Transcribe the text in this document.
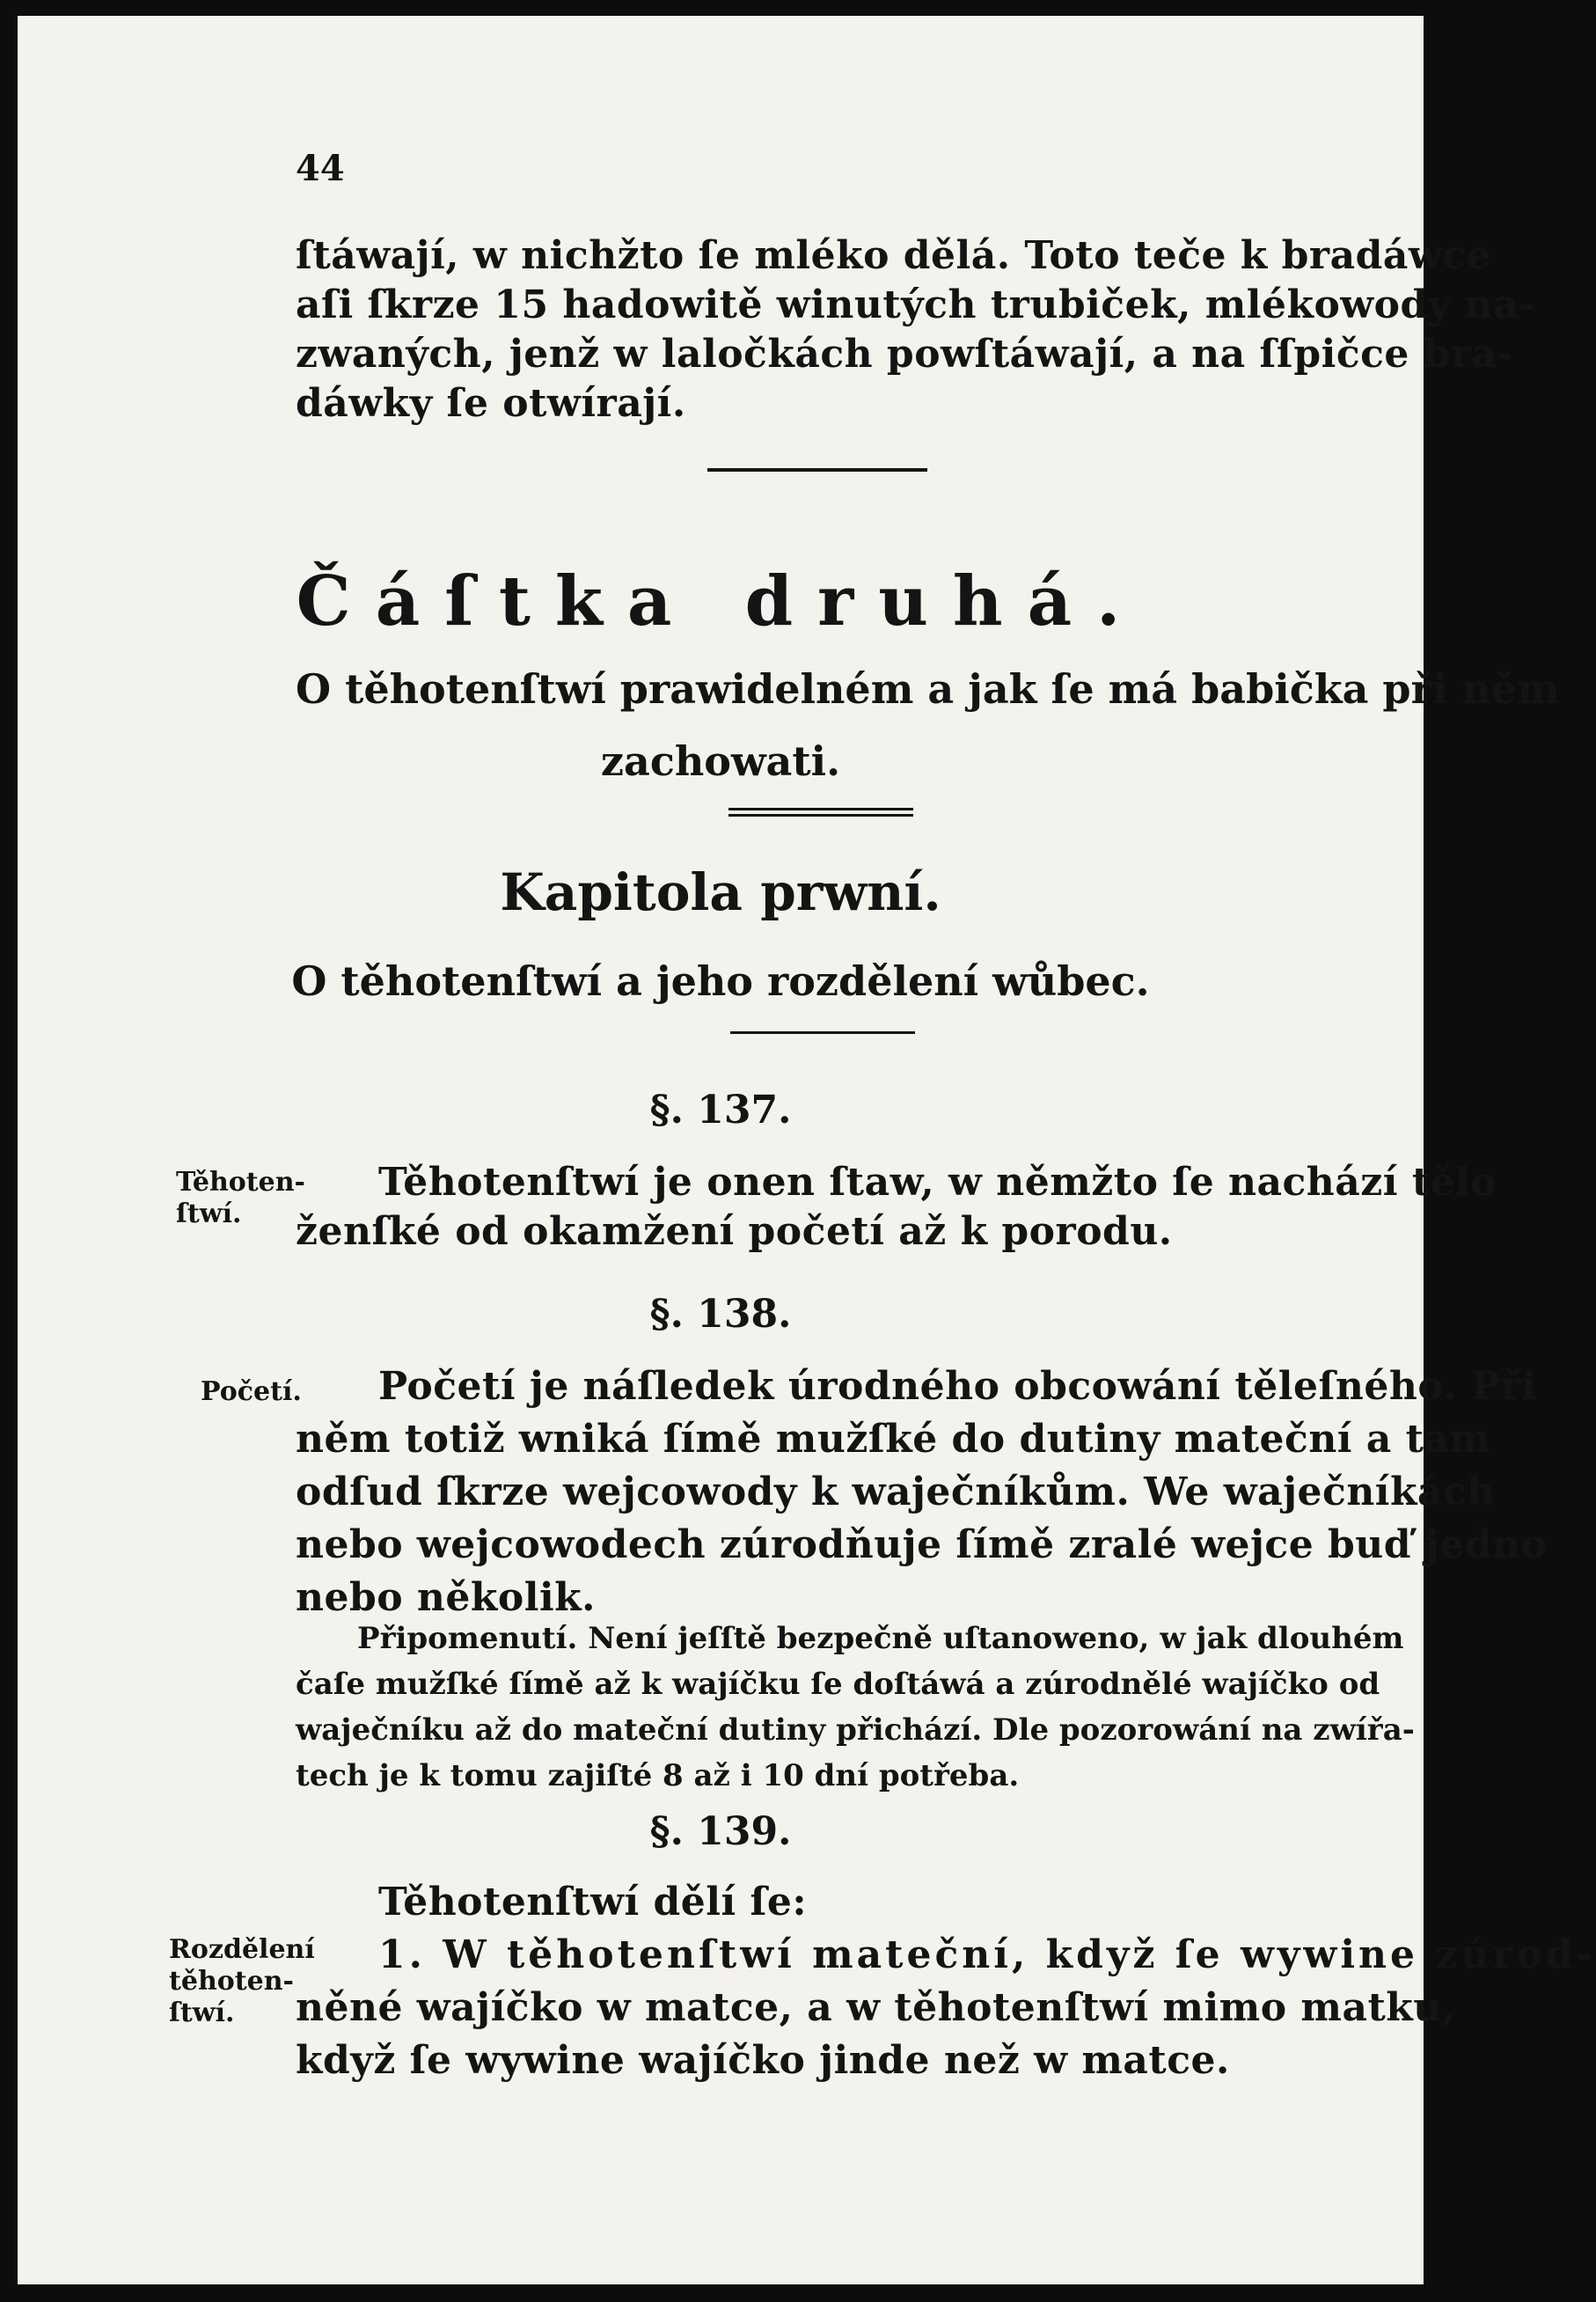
44
ſtáwají, w nichžto ſe mléko dělá. Toto teče k bradáwce
aſi ſkrze 15 hadowitě winutých trubiček, mlékowody na-
zwaných, jenž w laločkách powſtáwají, a na ſſpičce bra-
dáwky ſe otwírají.
Čáſtka druhá.
O těhotenſtwí prawidelném a jak ſe má babička při něm
zachowati.
Kapitola prwní.
O těhotenſtwí a jeho rozdělení wůbec.
§. 137.
Těhoten-
ſtwí.
Těhotenſtwí je onen ſtaw, w němžto ſe nachází tělo
ženſké od okamžení početí až k porodu.
§. 138.
Početí. Početí je náſledek úrodného obcowání těleſného. Při
něm totiž wniká ſímě mužſké do dutiny mateční a tam
odſud ſkrze wejcowody k waječníkům. We waječníkách
nebo wejcowodech zúrodňuje ſímě zralé wejce buď jedno
nebo několik.
Připomenutí. Není jeſſtě bezpečně uſtanoweno, w jak dlouhém
čaſe mužſké ſímě až k wajíčku ſe doſtáwá a zúrodnělé wajíčko od
waječníku až do mateční dutiny přichází. Dle pozorowání na zwířa-
tech je k tomu zajiſté 8 až i 10 dní potřeba.
§. 139.
Těhotenſtwí dělí ſe:
Rozdělení
těhoten-
ſtwí.
1. W těhotenſtwí mateční, když ſe wywine zúrod-
něné wajíčko w matce, a w těhotenſtwí mimo matku,
když ſe wywine wajíčko jinde než w matce.
